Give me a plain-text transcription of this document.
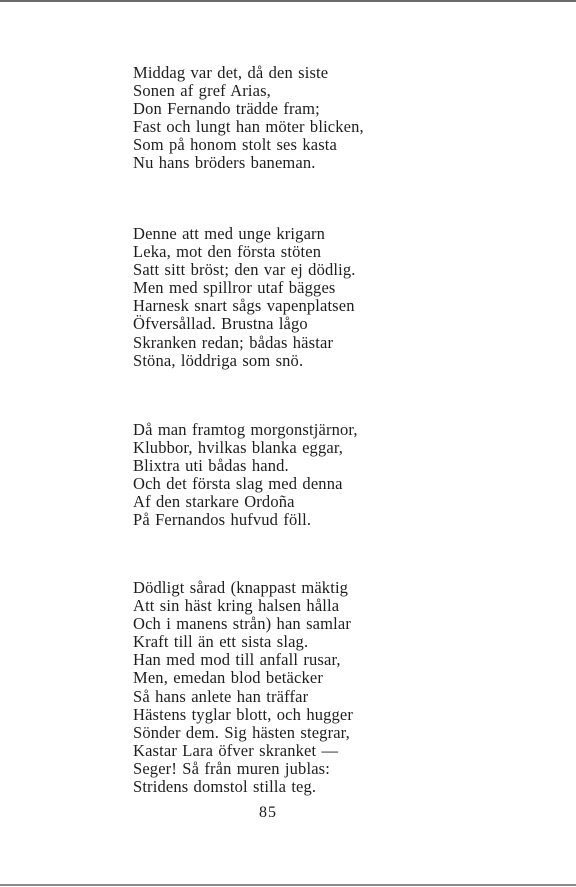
Middag var det, då den siste
Sonen af gref Arias,
Don Fernando trädde fram;
Fast och lungt han möter blicken,
Som på honom stolt ses kasta
Nu hans bröders baneman.
Denne att med unge krigarn
Leka, mot den första stöten
Satt sitt bröst; den var ej dödlig.
Men med spillror utaf bägges
Harnesk snart sågs vapenplatsen
Öfversållad. Brustna lågo
Skranken redan; bådas hästar
Stöna, löddriga som snö.
Då man framtog morgonstjärnor,
Klubbor, hvilkas blanka eggar,
Blixtra uti bådas hand.
Och det första slag med denna
Af den starkare Ordoña
På Fernandos hufvud föll.
Dödligt sårad (knappast mäktig
Att sin häst kring halsen hålla
Och i manens strån) han samlar
Kraft till än ett sista slag.
Han med mod till anfall rusar,
Men, emedan blod betäcker
Så hans anlete han träffar
Hästens tyglar blott, och hugger
Sönder dem. Sig hästen stegrar,
Kastar Lara öfver skranket —
Seger! Så från muren jublas:
Stridens domstol stilla teg.
85
